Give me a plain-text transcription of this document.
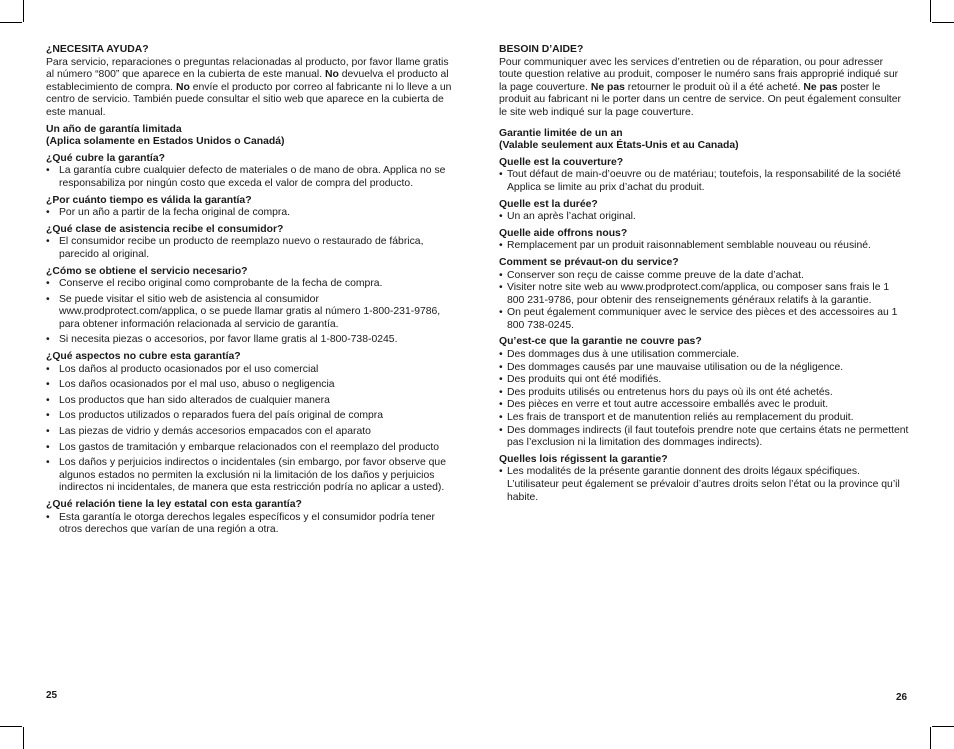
¿NECESITA AYUDA?

Para servicio, reparaciones o preguntas relacionadas al producto, por favor llame gratis al número “800” que aparece en la cubierta de este manual. No devuelva el producto al establecimiento de compra. No envíe el producto por correo al fabricante ni lo lleve a un centro de servicio. También puede consultar el sitio web que aparece en la cubierta de este manual.

Un año de garantía limitada
(Aplica solamente en Estados Unidos o Canadá)
¿Qué cubre la garantía?
• La garantía cubre cualquier defecto de materiales o de mano de obra. Applica no se responsabiliza por ningún costo que exceda el valor de compra del producto.
¿Por cuánto tiempo es válida la garantía?
• Por un año a partir de la fecha original de compra.
¿Qué clase de asistencia recibe el consumidor?
• El consumidor recibe un producto de reemplazo nuevo o restaurado de fábrica, parecido al original.
¿Cómo se obtiene el servicio necesario?
• Conserve el recibo original como comprobante de la fecha de compra.
• Se puede visitar el sitio web de asistencia al consumidor www.prodprotect.com/applica, o se puede llamar gratis al número 1-800-231-9786, para obtener información relacionada al servicio de garantía.
• Si necesita piezas o accesorios, por favor llame gratis al 1-800-738-0245.
¿Qué aspectos no cubre esta garantía?
• Los daños al producto ocasionados por el uso comercial
• Los daños ocasionados por el mal uso, abuso o negligencia
• Los productos que han sido alterados de cualquier manera
• Los productos utilizados o reparados fuera del país original de compra
• Las piezas de vidrio y demás accesorios empacados con el aparato
• Los gastos de tramitación y embarque relacionados con el reemplazo del producto
• Los daños y perjuicios indirectos o incidentales (sin embargo, por favor observe que algunos estados no permiten la exclusión ni la limitación de los daños y perjuicios indirectos ni incidentales, de manera que esta restricción podría no aplicar a usted).
¿Qué relación tiene la ley estatal con esta garantía?
• Esta garantía le otorga derechos legales específicos y el consumidor podría tener otros derechos que varían de una región a otra.
BESOIN D’AIDE?

Pour communiquer avec les services d’entretien ou de réparation, ou pour adresser toute question relative au produit, composer le numéro sans frais approprié indiqué sur la page couverture. Ne pas retourner le produit où il a été acheté. Ne pas poster le produit au fabricant ni le porter dans un centre de service. On peut également consulter le site web indiqué sur la page couverture.

Garantie limitée de un an
(Valable seulement aux États-Unis et au Canada)
Quelle est la couverture?
• Tout défaut de main-d’oeuvre ou de matériau; toutefois, la responsabilité de la société Applica se limite au prix d’achat du produit.
Quelle est la durée?
• Un an après l’achat original.
Quelle aide offrons nous?
• Remplacement par un produit raisonnablement semblable nouveau ou réusiné.
Comment se prévaut-on du service?
• Conserver son reçu de caisse comme preuve de la date d’achat.
• Visiter notre site web au www.prodprotect.com/applica, ou composer sans frais le 1 800 231-9786, pour obtenir des renseignements généraux relatifs à la garantie.
• On peut également communiquer avec le service des pièces et des accessoires au 1 800 738-0245.
Qu’est-ce que la garantie ne couvre pas?
• Des dommages dus à une utilisation commerciale.
• Des dommages causés par une mauvaise utilisation ou de la négligence.
• Des produits qui ont été modifiés.
• Des produits utilisés ou entretenus hors du pays où ils ont été achetés.
• Des pièces en verre et tout autre accessoire emballés avec le produit.
• Les frais de transport et de manutention reliés au remplacement du produit.
• Des dommages indirects (il faut toutefois prendre note que certains états ne permettent pas l’exclusion ni la limitation des dommages indirects).
Quelles lois régissent la garantie?
• Les modalités de la présente garantie donnent des droits légaux spécifiques. L’utilisateur peut également se prévaloir d’autres droits selon l’état ou la province qu’il habite.
25	26
